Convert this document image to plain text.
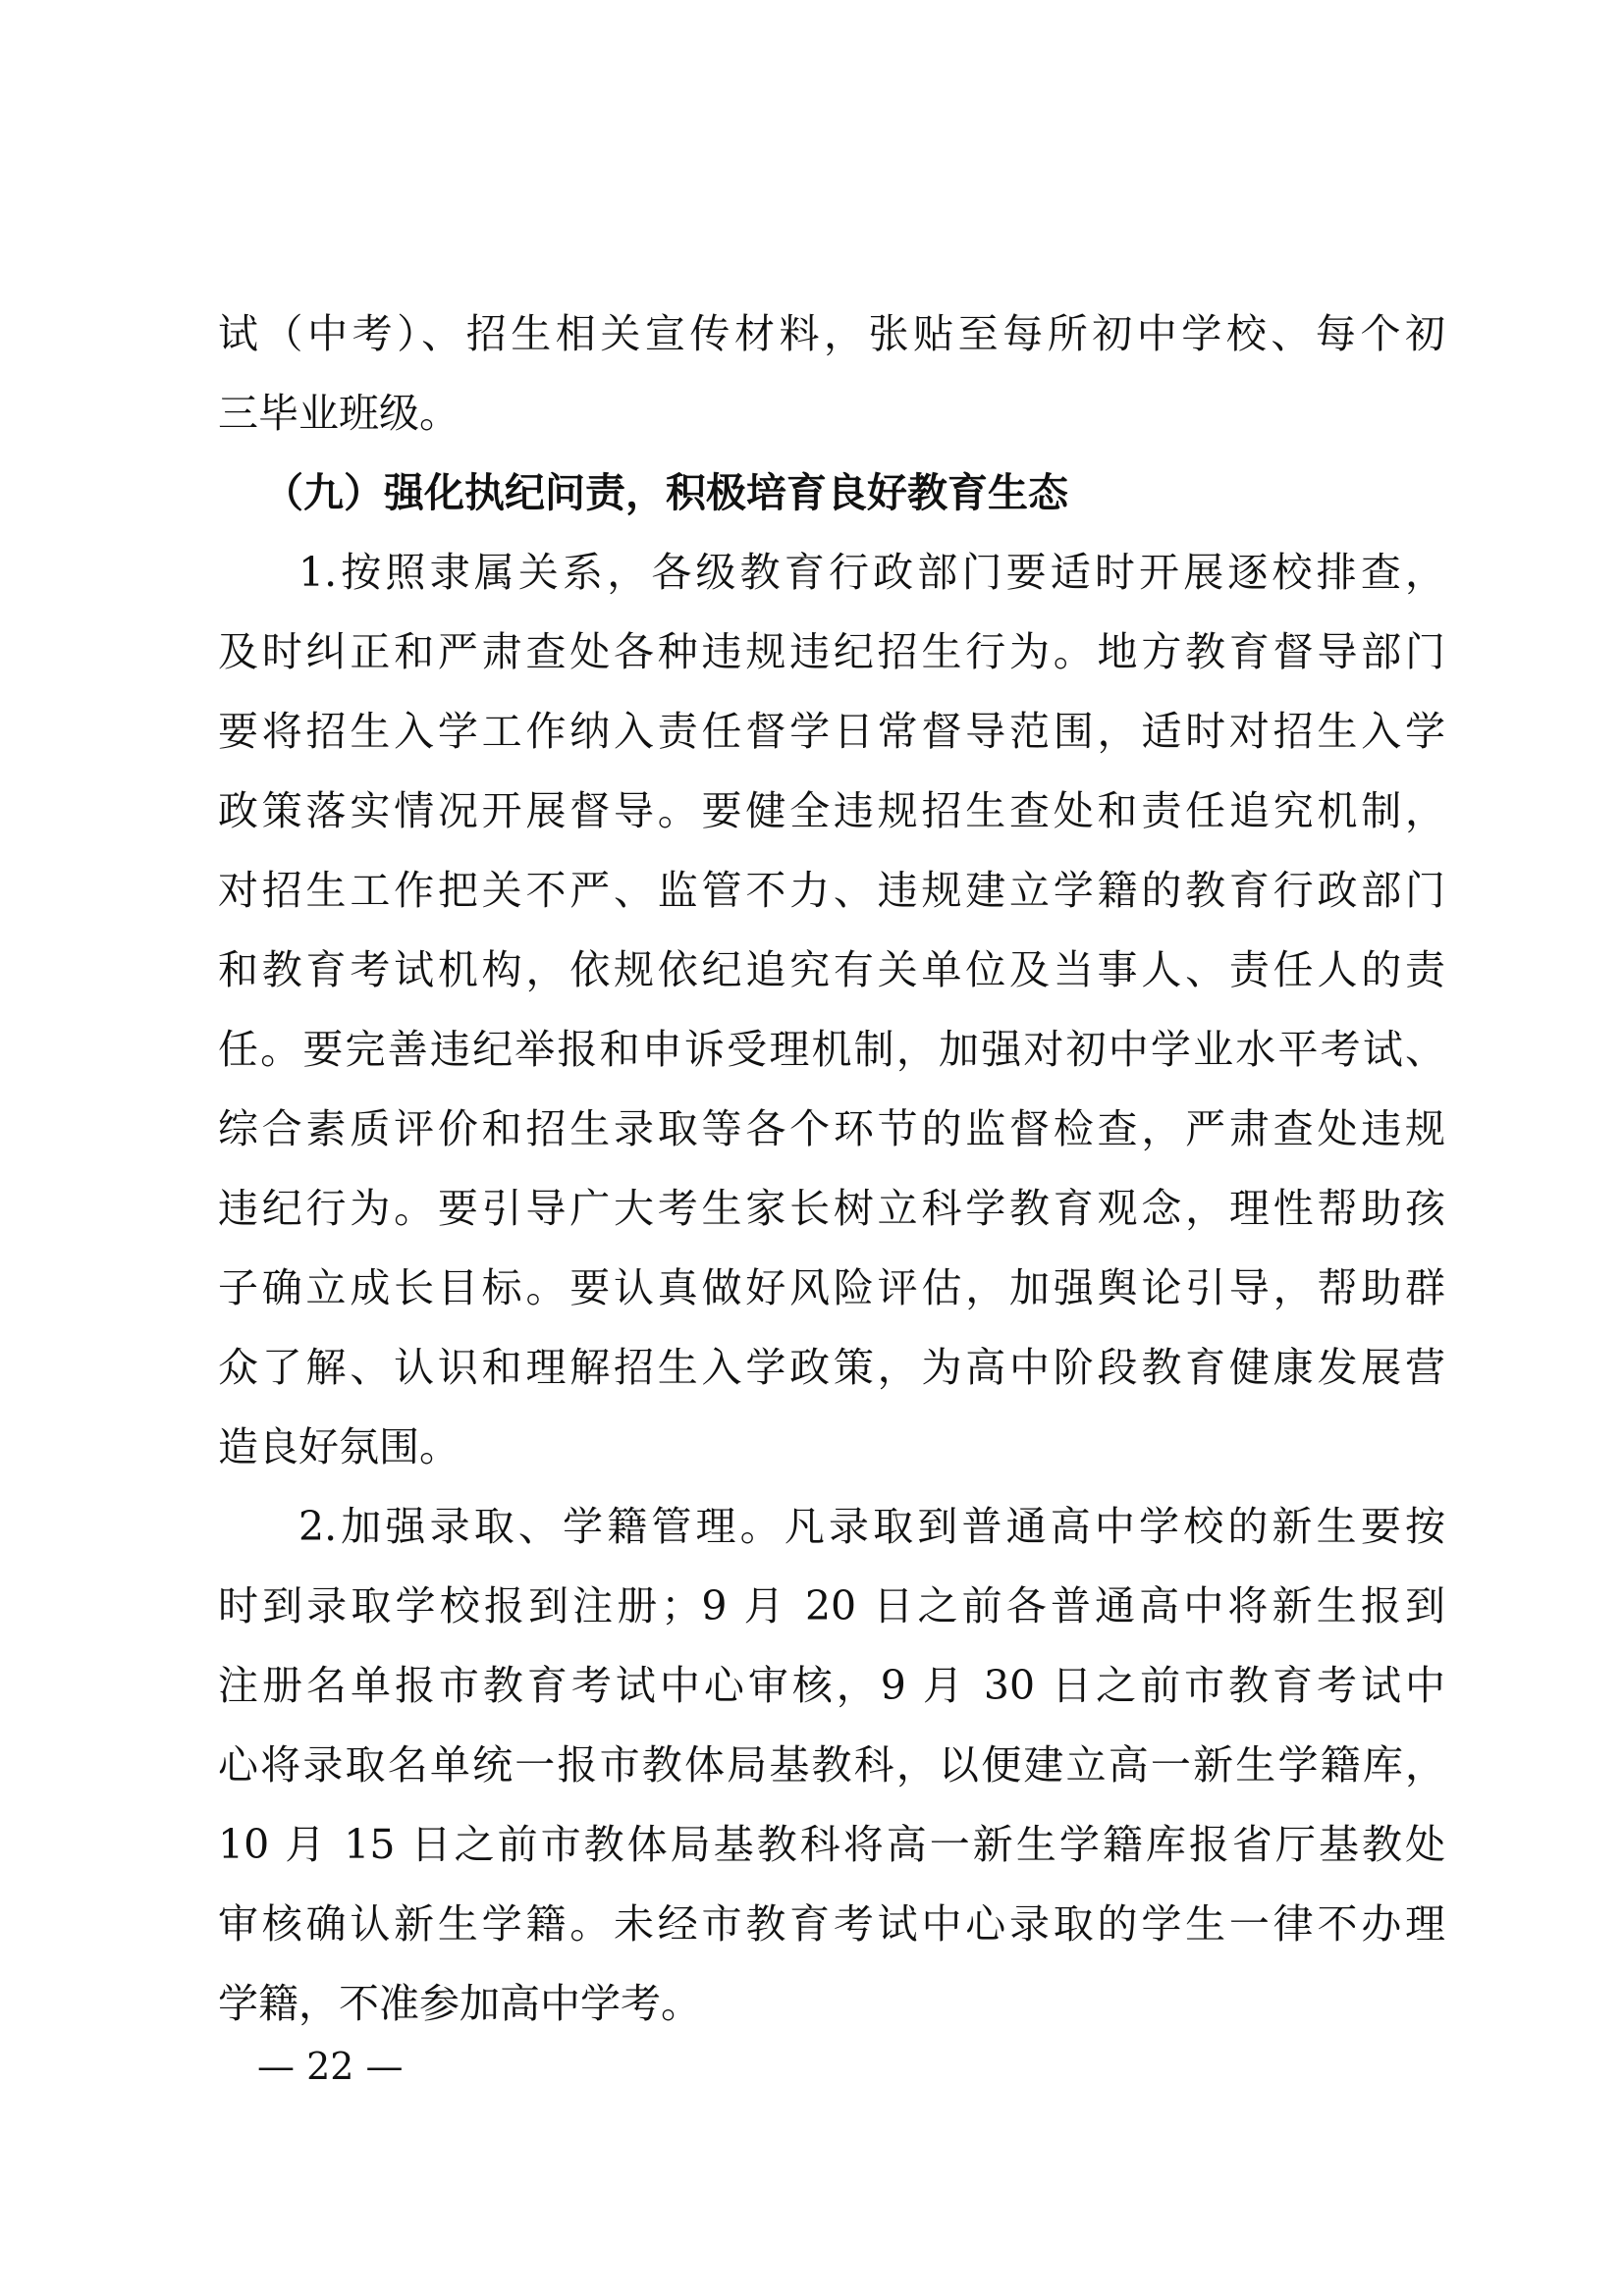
试（中考）、招生相关宣传材料，张贴至每所初中学校、每个初
三毕业班级。
（九）强化执纪问责，积极培育良好教育生态
1.按照隶属关系，各级教育行政部门要适时开展逐校排查，
及时纠正和严肃查处各种违规违纪招生行为。地方教育督导部门
要将招生入学工作纳入责任督学日常督导范围，适时对招生入学
政策落实情况开展督导。要健全违规招生查处和责任追究机制，
对招生工作把关不严、监管不力、违规建立学籍的教育行政部门
和教育考试机构，依规依纪追究有关单位及当事人、责任人的责
任。要完善违纪举报和申诉受理机制，加强对初中学业水平考试、
综合素质评价和招生录取等各个环节的监督检查，严肃查处违规
违纪行为。要引导广大考生家长树立科学教育观念，理性帮助孩
子确立成长目标。要认真做好风险评估，加强舆论引导，帮助群
众了解、认识和理解招生入学政策，为高中阶段教育健康发展营
造良好氛围。
2.加强录取、学籍管理。凡录取到普通高中学校的新生要按
时到录取学校报到注册；9 月 20 日之前各普通高中将新生报到
注册名单报市教育考试中心审核，9 月 30 日之前市教育考试中
心将录取名单统一报市教体局基教科，以便建立高一新生学籍库，
10 月 15 日之前市教体局基教科将高一新生学籍库报省厅基教处
审核确认新生学籍。未经市教育考试中心录取的学生一律不办理
学籍，不准参加高中学考。
— 22 —
